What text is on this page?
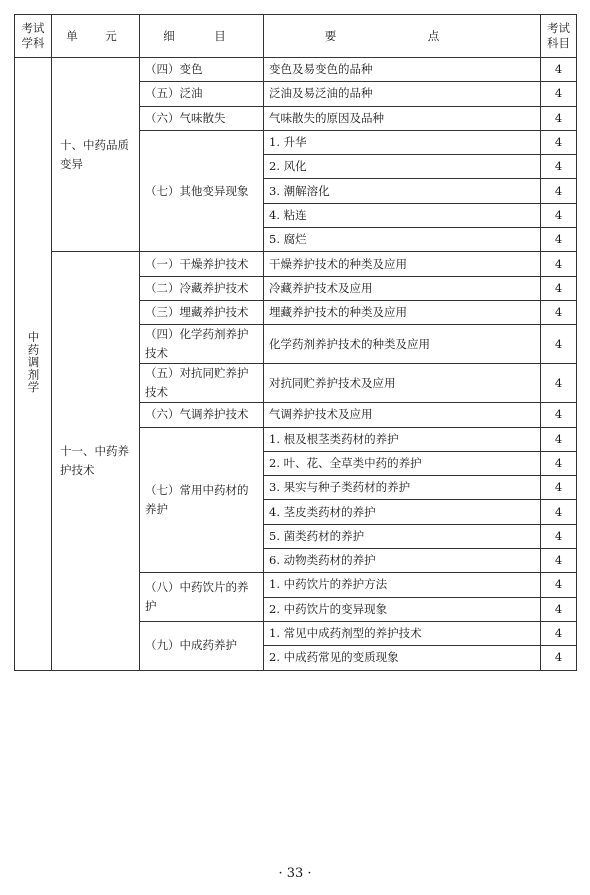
考试学科	单　元	细　目	要　点	考试科目
中药调剂学	十、中药品质变异	（四）变色	变色及易变色的品种	4
		（五）泛油	泛油及易泛油的品种	4
		（六）气味散失	气味散失的原因及品种	4
		（七）其他变异现象	1. 升华	4
			2. 风化	4
			3. 潮解溶化	4
			4. 粘连	4
			5. 腐烂	4
	十一、中药养护技术	（一）干燥养护技术	干燥养护技术的种类及应用	4
		（二）冷藏养护技术	冷藏养护技术及应用	4
		（三）埋藏养护技术	埋藏养护技术的种类及应用	4
		（四）化学药剂养护技术	化学药剂养护技术的种类及应用	4
		（五）对抗同贮养护技术	对抗同贮养护技术及应用	4
		（六）气调养护技术	气调养护技术及应用	4
		（七）常用中药材的养护	1. 根及根茎类药材的养护	4
			2. 叶、花、全草类中药的养护	4
			3. 果实与种子类药材的养护	4
			4. 茎皮类药材的养护	4
			5. 菌类药材的养护	4
			6. 动物类药材的养护	4
		（八）中药饮片的养护	1. 中药饮片的养护方法	4
			2. 中药饮片的变异现象	4
		（九）中成药养护	1. 常见中成药剂型的养护技术	4
			2. 中成药常见的变质现象	4
· 33 ·
